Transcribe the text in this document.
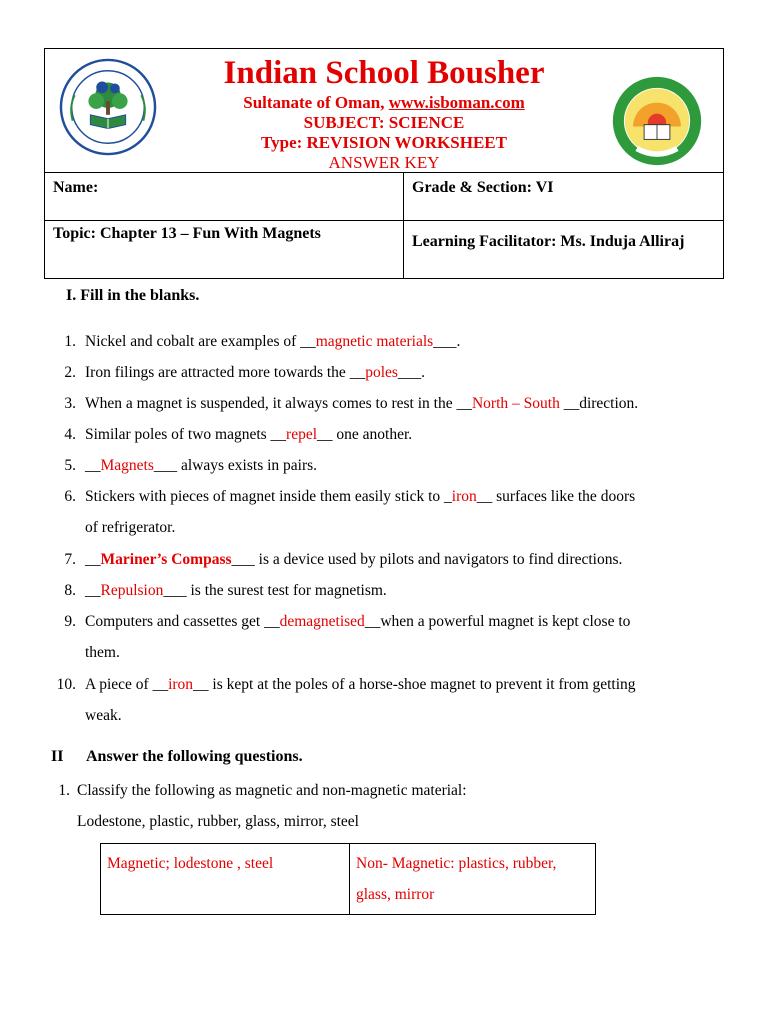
Indian School Bousher
Sultanate of Oman, www.isboman.com
SUBJECT: SCIENCE
Type: REVISION WORKSHEET
ANSWER KEY
Name:	Grade & Section: VI
Topic: Chapter 13 – Fun With Magnets	Learning Facilitator: Ms. Induja Alliraj
I. Fill in the blanks.
1. Nickel and cobalt are examples of __magnetic materials___.
2. Iron filings are attracted more towards the __poles___.
3. When a magnet is suspended, it always comes to rest in the __North – South __direction.
4. Similar poles of two magnets __repel__ one another.
5. __Magnets___ always exists in pairs.
6. Stickers with pieces of magnet inside them easily stick to _iron__ surfaces like the doors
of refrigerator.
7. __Mariner’s Compass___ is a device used by pilots and navigators to find directions.
8. __Repulsion___ is the surest test for magnetism.
9. Computers and cassettes get __demagnetised__when a powerful magnet is kept close to
them.
10. A piece of __iron__ is kept at the poles of a horse-shoe magnet to prevent it from getting
weak.
II Answer the following questions.
1. Classify the following as magnetic and non-magnetic material:
Lodestone, plastic, rubber, glass, mirror, steel
Magnetic; lodestone , steel	Non- Magnetic: plastics, rubber, glass, mirror
